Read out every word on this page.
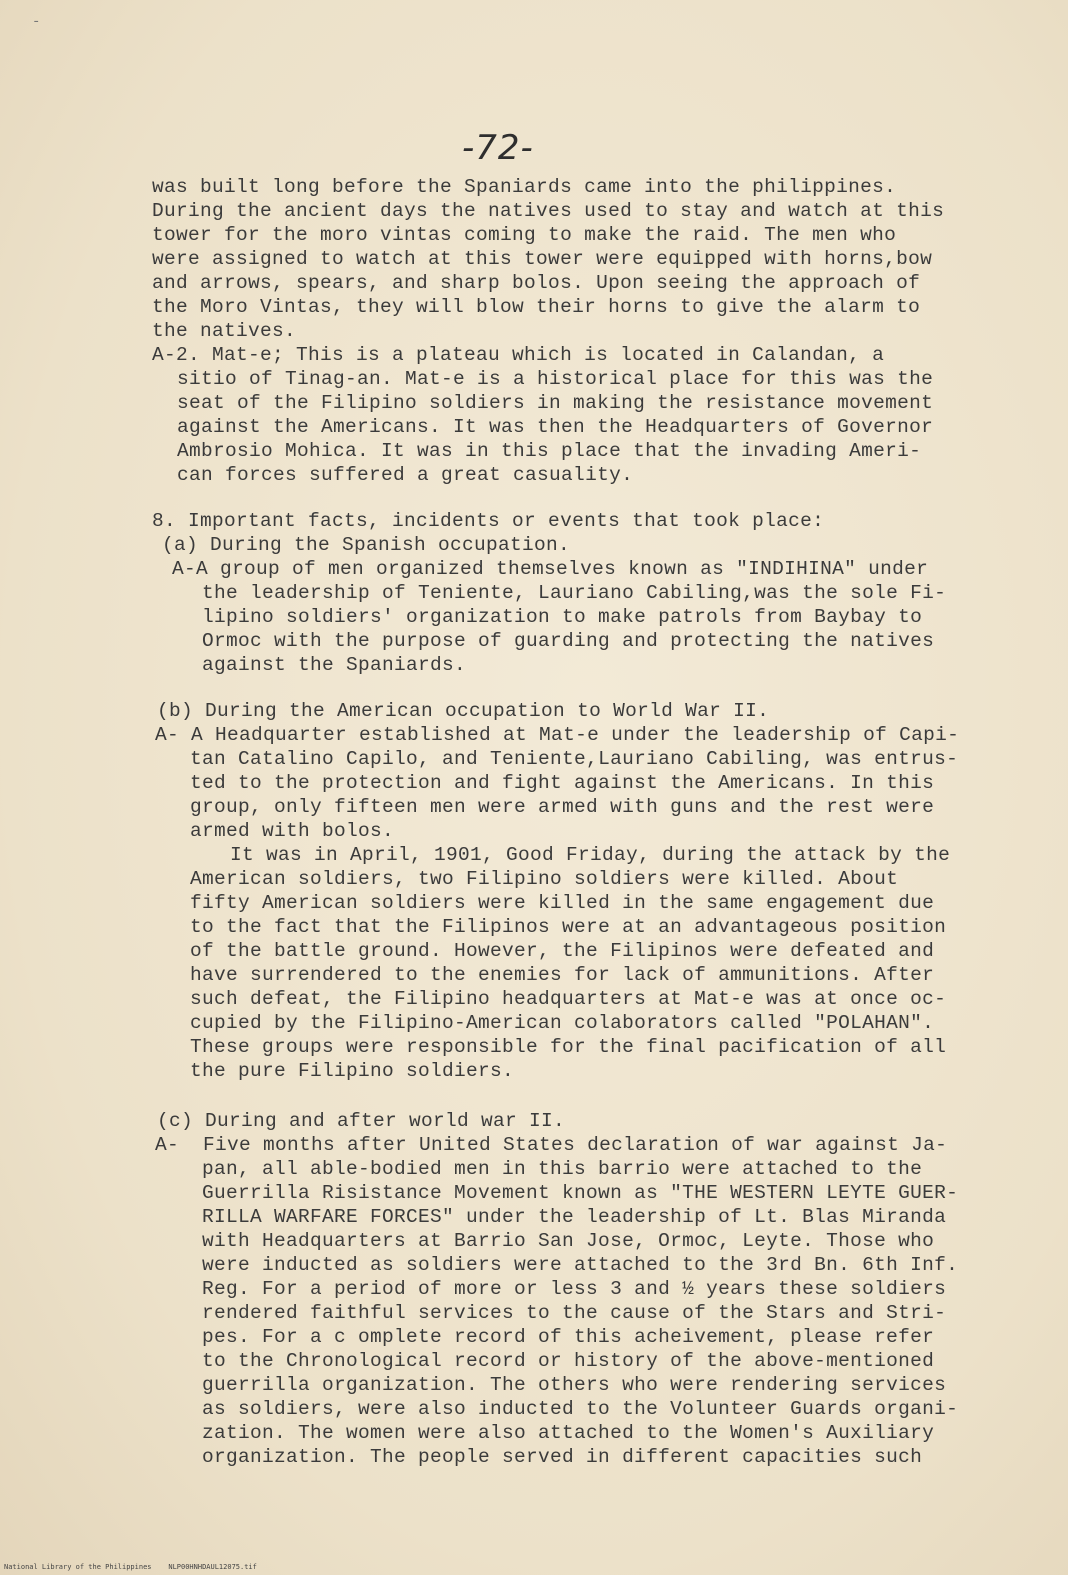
-
-72-
was built long before the Spaniards came into the philippines.
During the ancient days the natives used to stay and watch at this
tower for the moro vintas coming to make the raid. The men who
were assigned to watch at this tower were equipped with horns,bow
and arrows, spears, and sharp bolos. Upon seeing the approach of
the Moro Vintas, they will blow their horns to give the alarm to
the natives.
A-2. Mat-e; This is a plateau which is located in Calandan, a
sitio of Tinag-an. Mat-e is a historical place for this was the
seat of the Filipino soldiers in making the resistance movement
against the Americans. It was then the Headquarters of Governor
Ambrosio Mohica. It was in this place that the invading Ameri-
can forces suffered a great casuality.
8. Important facts, incidents or events that took place:
(a) During the Spanish occupation.
A-A group of men organized themselves known as "INDIHINA" under
the leadership of Teniente, Lauriano Cabiling,was the sole Fi-
lipino soldiers' organization to make patrols from Baybay to
Ormoc with the purpose of guarding and protecting the natives
against the Spaniards.
(b) During the American occupation to World War II.
A- A Headquarter established at Mat-e under the leadership of Capi-
tan Catalino Capilo, and Teniente,Lauriano Cabiling, was entrus-
ted to the protection and fight against the Americans. In this
group, only fifteen men were armed with guns and the rest were
armed with bolos.
It was in April, 1901, Good Friday, during the attack by the
American soldiers, two Filipino soldiers were killed. About
fifty American soldiers were killed in the same engagement due
to the fact that the Filipinos were at an advantageous position
of the battle ground. However, the Filipinos were defeated and
have surrendered to the enemies for lack of ammunitions. After
such defeat, the Filipino headquarters at Mat-e was at once oc-
cupied by the Filipino-American colaborators called "POLAHAN".
These groups were responsible for the final pacification of all
the pure Filipino soldiers.
(c) During and after world war II.
A-  Five months after United States declaration of war against Ja-
pan, all able-bodied men in this barrio were attached to the
Guerrilla Risistance Movement known as "THE WESTERN LEYTE GUER-
RILLA WARFARE FORCES" under the leadership of Lt. Blas Miranda
with Headquarters at Barrio San Jose, Ormoc, Leyte. Those who
were inducted as soldiers were attached to the 3rd Bn. 6th Inf.
Reg. For a period of more or less 3 and ½ years these soldiers
rendered faithful services to the cause of the Stars and Stri-
pes. For a c omplete record of this acheivement, please refer
to the Chronological record or history of the above-mentioned
guerrilla organization. The others who were rendering services
as soldiers, were also inducted to the Volunteer Guards organi-
zation. The women were also attached to the Women's Auxiliary
organization. The people served in different capacities such
National Library of the Philippines    NLP00HNHDAUL12075.tif
